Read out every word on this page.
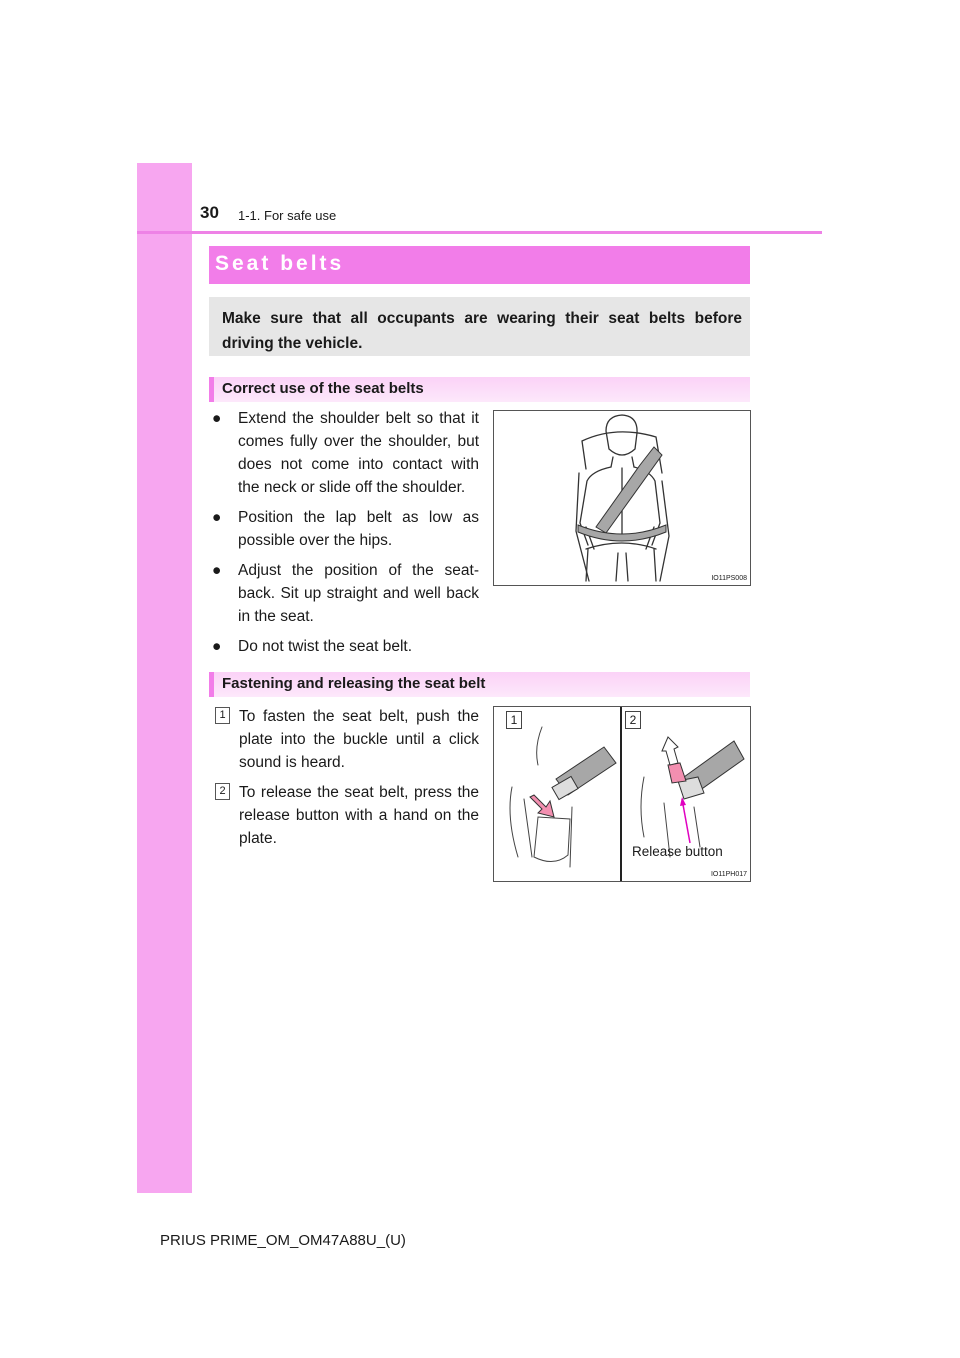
30 1-1. For safe use
Seat belts
Make sure that all occupants are wearing their seat belts before driving the vehicle.
Correct use of the seat belts
● Extend the shoulder belt so that it comes fully over the shoulder, but does not come into contact with the neck or slide off the shoulder.
● Position the lap belt as low as possible over the hips.
● Adjust the position of the seat-back. Sit up straight and well back in the seat.
● Do not twist the seat belt.
IO11PS008
Fastening and releasing the seat belt
1 To fasten the seat belt, push the plate into the buckle until a click sound is heard.
2 To release the seat belt, press the release button with a hand on the plate.
1	2
Release button
IO11PH017
PRIUS PRIME_OM_OM47A88U_(U)
